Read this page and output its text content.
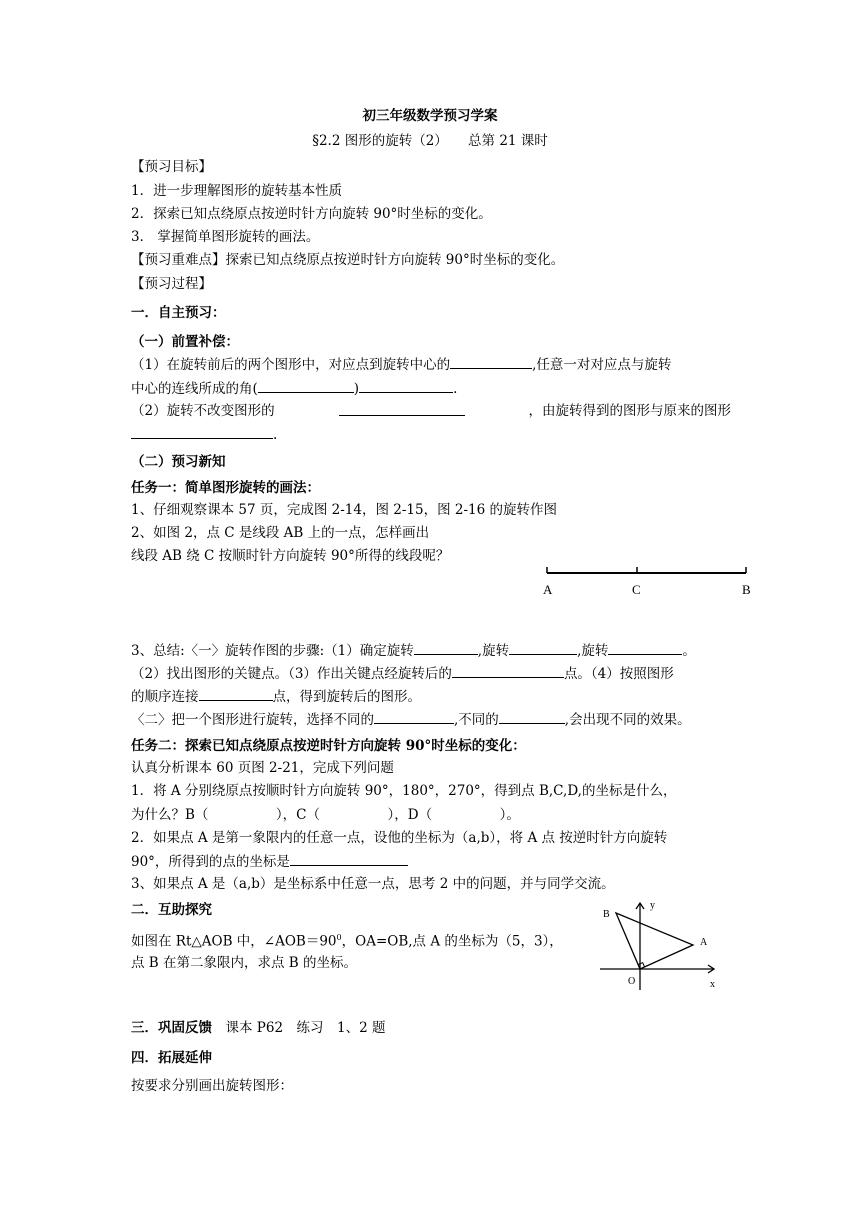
初三年级数学预习学案
§2.2 图形的旋转（2）　　总第 21 课时
【预习目标】
1．进一步理解图形的旋转基本性质
2．探索已知点绕原点按逆时针方向旋转 90°时坐标的变化。
3． 掌握简单图形旋转的画法。
【预习重难点】探索已知点绕原点按逆时针方向旋转 90°时坐标的变化。
【预习过程】
一．自主预习：
（一）前置补偿：
（1）在旋转前后的两个图形中，对应点到旋转中心的	,任意一对对应点与旋转
中心的连线所成的角(	)	.
（2）旋转不改变图形的	，由旋转得到的图形与原来的图形
.
（二）预习新知
任务一：简单图形旋转的画法：
1、仔细观察课本 57 页，完成图 2-14，图 2-15，图 2-16 的旋转作图
2、如图 2，点 C 是线段 AB 上的一点，怎样画出
线段 AB 绕 C 按顺时针方向旋转 90°所得的线段呢？
A	C	B
3、总结:〈一〉旋转作图的步骤:（1）确定旋转	,旋转	,旋转	。
（2）找出图形的关键点。（3）作出关键点经旋转后的	点。（4）按照图形
的顺序连接	点，得到旋转后的图形。
〈二〉把一个图形进行旋转，选择不同的	,不同的	,会出现不同的效果。
任务二：探索已知点绕原点按逆时针方向旋转 90°时坐标的变化：
认真分析课本 60 页图 2-21，完成下列问题
1．将 A 分别绕原点按顺时针方向旋转 90°，180°，270°，得到点 B,C,D,的坐标是什么，
为什么？B（　　　　　），C（　　　　　），D（　　　　　）。
2．如果点 A 是第一象限内的任意一点，设他的坐标为（a,b），将 A 点 按逆时针方向旋转
90°，所得到的点的坐标是
3、如果点 A 是（a,b）是坐标系中任意一点，思考 2 中的问题，并与同学交流。
二．互助探究
如图在 Rt△AOB 中，$\angle AOB=90^0$，OA=OB,点 A 的坐标为（5，3），
点 B 在第二象限内，求点 B 的坐标。
B
A
O	x
y
三．巩固反馈　课本 P62　练习　1、2 题
四．拓展延伸
按要求分别画出旋转图形：
